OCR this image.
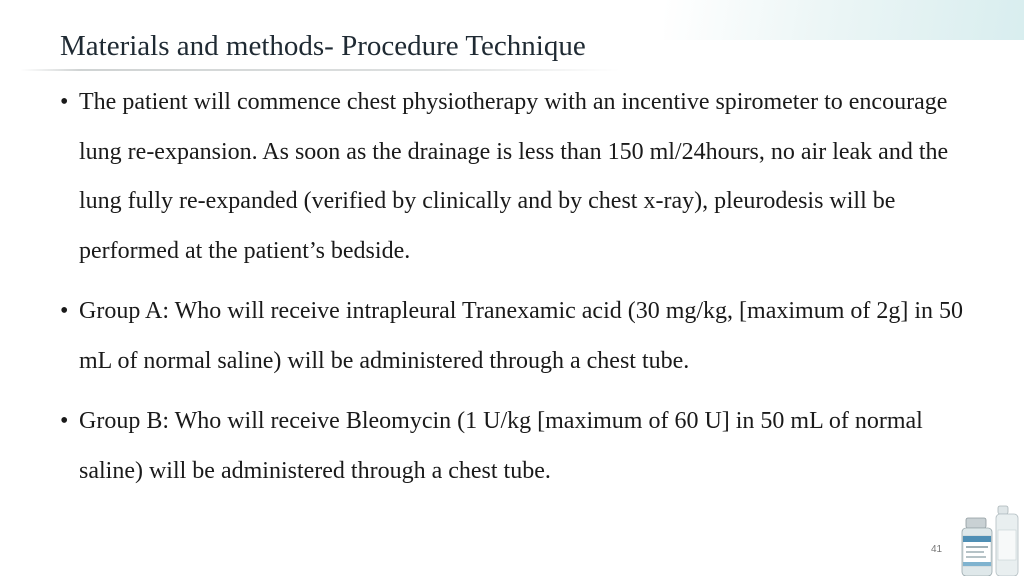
Materials and methods- Procedure Technique
• The patient will commence chest physiotherapy with an incentive spirometer to encourage lung re-expansion. As soon as the drainage is less than 150 ml/24hours, no air leak and the lung fully re-expanded (verified by clinically and by chest x-ray), pleurodesis will be performed at the patient’s bedside.
• Group A: Who will receive intrapleural Tranexamic acid (30 mg/kg, [maximum of 2g] in 50 mL of normal saline) will be administered through a chest tube.
• Group B: Who will receive Bleomycin (1 U/kg [maximum of 60 U] in 50 mL of normal saline) will be administered through a chest tube.
41
